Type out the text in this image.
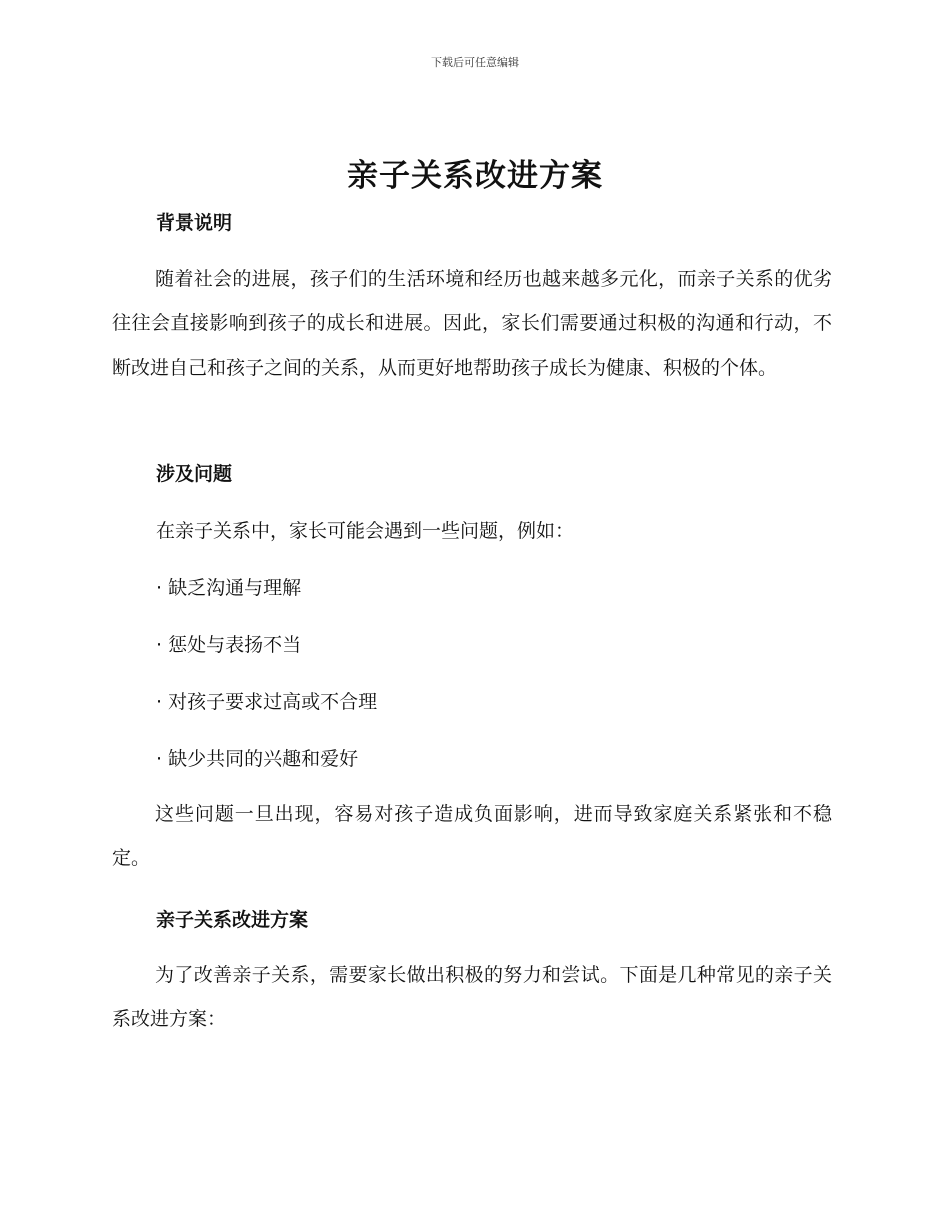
下载后可任意编辑
亲子关系改进方案
背景说明

随着社会的进展，孩子们的生活环境和经历也越来越多元化，而亲子关系的优劣往往会直接影响到孩子的成长和进展。因此，家长们需要通过积极的沟通和行动，不断改进自己和孩子之间的关系，从而更好地帮助孩子成长为健康、积极的个体。

涉及问题
在亲子关系中，家长可能会遇到一些问题，例如：
· 缺乏沟通与理解
· 惩处与表扬不当
· 对孩子要求过高或不合理
· 缺少共同的兴趣和爱好

这些问题一旦出现，容易对孩子造成负面影响，进而导致家庭关系紧张和不稳定。

亲子关系改进方案

为了改善亲子关系，需要家长做出积极的努力和尝试。下面是几种常见的亲子关系改进方案：
